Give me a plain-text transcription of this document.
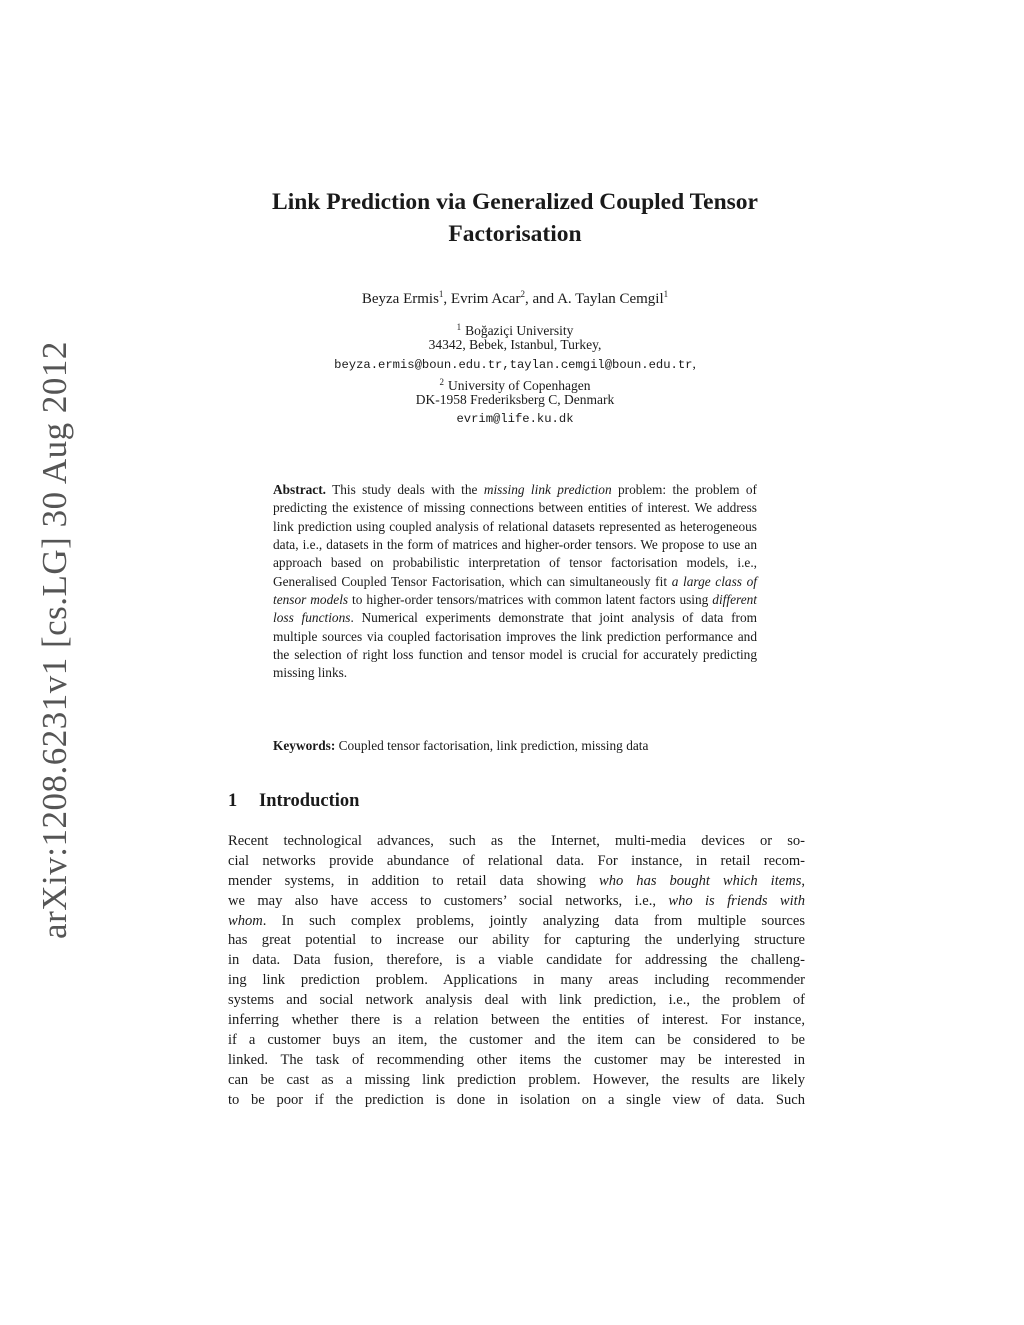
arXiv:1208.6231v1 [cs.LG] 30 Aug 2012
Link Prediction via Generalized Coupled Tensor
Factorisation
Beyza Ermis$^1$, Evrim Acar$^2$, and A. Taylan Cemgil$^1$
$^1$ Boğaziçi University
34342, Bebek, Istanbul, Turkey,
beyza.ermis@boun.edu.tr,taylan.cemgil@boun.edu.tr,
$^2$ University of Copenhagen
DK-1958 Frederiksberg C, Denmark
evrim@life.ku.dk
Abstract. This study deals with the missing link prediction problem: the problem of predicting the existence of missing connections between entities of interest. We address link prediction using coupled analysis of relational datasets represented as heterogeneous data, i.e., datasets in the form of matrices and higher-order tensors. We propose to use an approach based on probabilistic interpretation of tensor factorisation models, i.e., Generalised Coupled Tensor Factorisation, which can simultaneously fit a large class of tensor models to higher-order tensors/matrices with common latent factors using different loss functions. Numerical experiments demonstrate that joint analysis of data from multiple sources via coupled factorisation improves the link prediction performance and the selection of right loss function and tensor model is crucial for accurately predicting missing links.
Keywords: Coupled tensor factorisation, link prediction, missing data
1 Introduction
Recent technological advances, such as the Internet, multi-media devices or so-
cial networks provide abundance of relational data. For instance, in retail recom-
mender systems, in addition to retail data showing who has bought which items,
we may also have access to customers’ social networks, i.e., who is friends with
whom. In such complex problems, jointly analyzing data from multiple sources
has great potential to increase our ability for capturing the underlying structure
in data. Data fusion, therefore, is a viable candidate for addressing the challeng-
ing link prediction problem. Applications in many areas including recommender
systems and social network analysis deal with link prediction, i.e., the problem of
inferring whether there is a relation between the entities of interest. For instance,
if a customer buys an item, the customer and the item can be considered to be
linked. The task of recommending other items the customer may be interested in
can be cast as a missing link prediction problem. However, the results are likely
to be poor if the prediction is done in isolation on a single view of data. Such
